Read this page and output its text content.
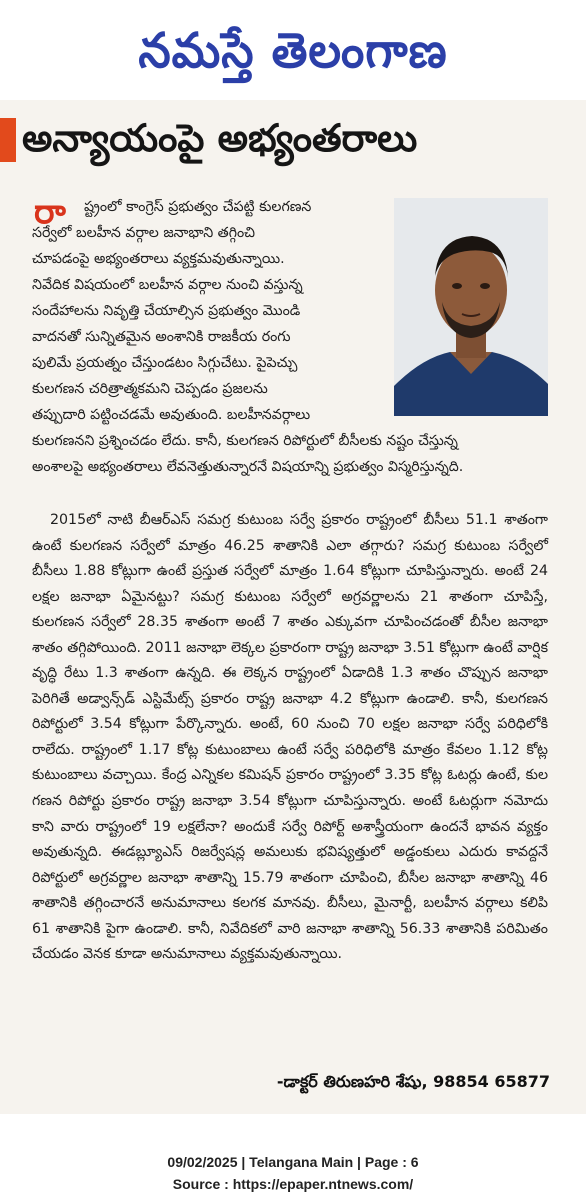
నమస్తే తెలంగాణ
అన్యాయంపై అభ్యంతరాలు
రా	ష్ట్రంలో కాంగ్రెస్ ప్రభుత్వం చేపట్టి కులగణన
సర్వేలో బలహీన వర్గాల జనాభాని తగ్గించి
చూపడంపై అభ్యంతరాలు వ్యక్తమవుతున్నాయి.
నివేదిక విషయంలో బలహీన వర్గాల నుంచి వస్తున్న
సందేహాలను నివృత్తి చేయాల్సిన ప్రభుత్వం మొండి
వాదనతో సున్నితమైన అంశానికి రాజకీయ రంగు
పులిమే ప్రయత్నం చేస్తుండటం సిగ్గుచేటు. పైపెచ్చు
కులగణన చరిత్రాత్మకమని చెప్పడం ప్రజలను
తప్పుదారి పట్టించడమే అవుతుంది. బలహీనవర్గాలు
కులగణనని ప్రశ్నించడం లేదు. కానీ, కులగణన రిపోర్టులో బీసీలకు నష్టం చేస్తున్న
అంశాలపై అభ్యంతరాలు లేవనెత్తుతున్నారనే విషయాన్ని ప్రభుత్వం విస్మరిస్తున్నది.
2015లో నాటి బీఆర్ఎస్ సమగ్ర కుటుంబ సర్వే ప్రకారం రాష్ట్రంలో బీసీలు 51.1 శాతంగా ఉంటే కులగణన సర్వేలో మాత్రం 46.25 శాతానికి ఎలా తగ్గారు? సమగ్ర కుటుంబ సర్వేలో బీసీలు 1.88 కోట్లుగా ఉంటే ప్రస్తుత సర్వేలో మాత్రం 1.64 కోట్లుగా చూపిస్తున్నారు. అంటే 24 లక్షల జనాభా ఏమైనట్టు? సమగ్ర కుటుంబ సర్వేలో అగ్రవర్ణాలను 21 శాతంగా చూపిస్తే, కులగణన సర్వేలో 28.35 శాతంగా అంటే 7 శాతం ఎక్కువగా చూపించడంతో బీసీల జనాభా శాతం తగ్గిపోయింది. 2011 జనాభా లెక్కల ప్రకారంగా రాష్ట్ర జనాభా 3.51 కోట్లుగా ఉంటే వార్షిక వృద్ధి రేటు 1.3 శాతంగా ఉన్నది. ఈ లెక్కన రాష్ట్రంలో ఏడాదికి 1.3 శాతం చొప్పున జనాభా పెరిగితే అడ్వాన్స్‌డ్ ఎస్టిమేట్స్ ప్రకారం రాష్ట్ర జనాభా 4.2 కోట్లుగా ఉండాలి. కానీ, కులగణన రిపోర్టులో 3.54 కోట్లుగా పేర్కొన్నారు. అంటే, 60 నుంచి 70 లక్షల జనాభా సర్వే పరిధిలోకి రాలేదు. రాష్ట్రంలో 1.17 కోట్ల కుటుంబాలు ఉంటే సర్వే పరిధిలోకి మాత్రం కేవలం 1.12 కోట్ల కుటుంబాలు వచ్చాయి. కేంద్ర ఎన్నికల కమిషన్ ప్రకారం రాష్ట్రంలో 3.35 కోట్ల ఓటర్లు ఉంటే, కుల గణన రిపోర్టు ప్రకారం రాష్ట్ర జనాభా 3.54 కోట్లుగా చూపిస్తున్నారు. అంటే ఓటర్లుగా నమోదు కాని వారు రాష్ట్రంలో 19 లక్షలేనా? అందుకే సర్వే రిపోర్ట్ అశాస్త్రీయంగా ఉందనే భావన వ్యక్తం అవుతున్నది. ఈడబ్ల్యూఎస్ రిజర్వేషన్ల అమలుకు భవిష్యత్తులో అడ్డంకులు ఎదురు కావద్దనే రిపోర్టులో అగ్రవర్ణాల జనాభా శాతాన్ని 15.79 శాతంగా చూపించి, బీసీల జనాభా శాతాన్ని 46 శాతానికి తగ్గించారనే అనుమానాలు కలగక మానవు. బీసీలు, మైనార్టీ, బలహీన వర్గాలు కలిపి 61 శాతానికి పైగా ఉండాలి. కానీ, నివేదికలో వారి జనాభా శాతాన్ని 56.33 శాతానికి పరిమితం చేయడం వెనక కూడా అనుమానాలు వ్యక్తమవుతున్నాయి.
-డాక్టర్ తిరుణహరి శేషు, 98854 65877
09/02/2025 | Telangana Main | Page : 6
Source : https://epaper.ntnews.com/
